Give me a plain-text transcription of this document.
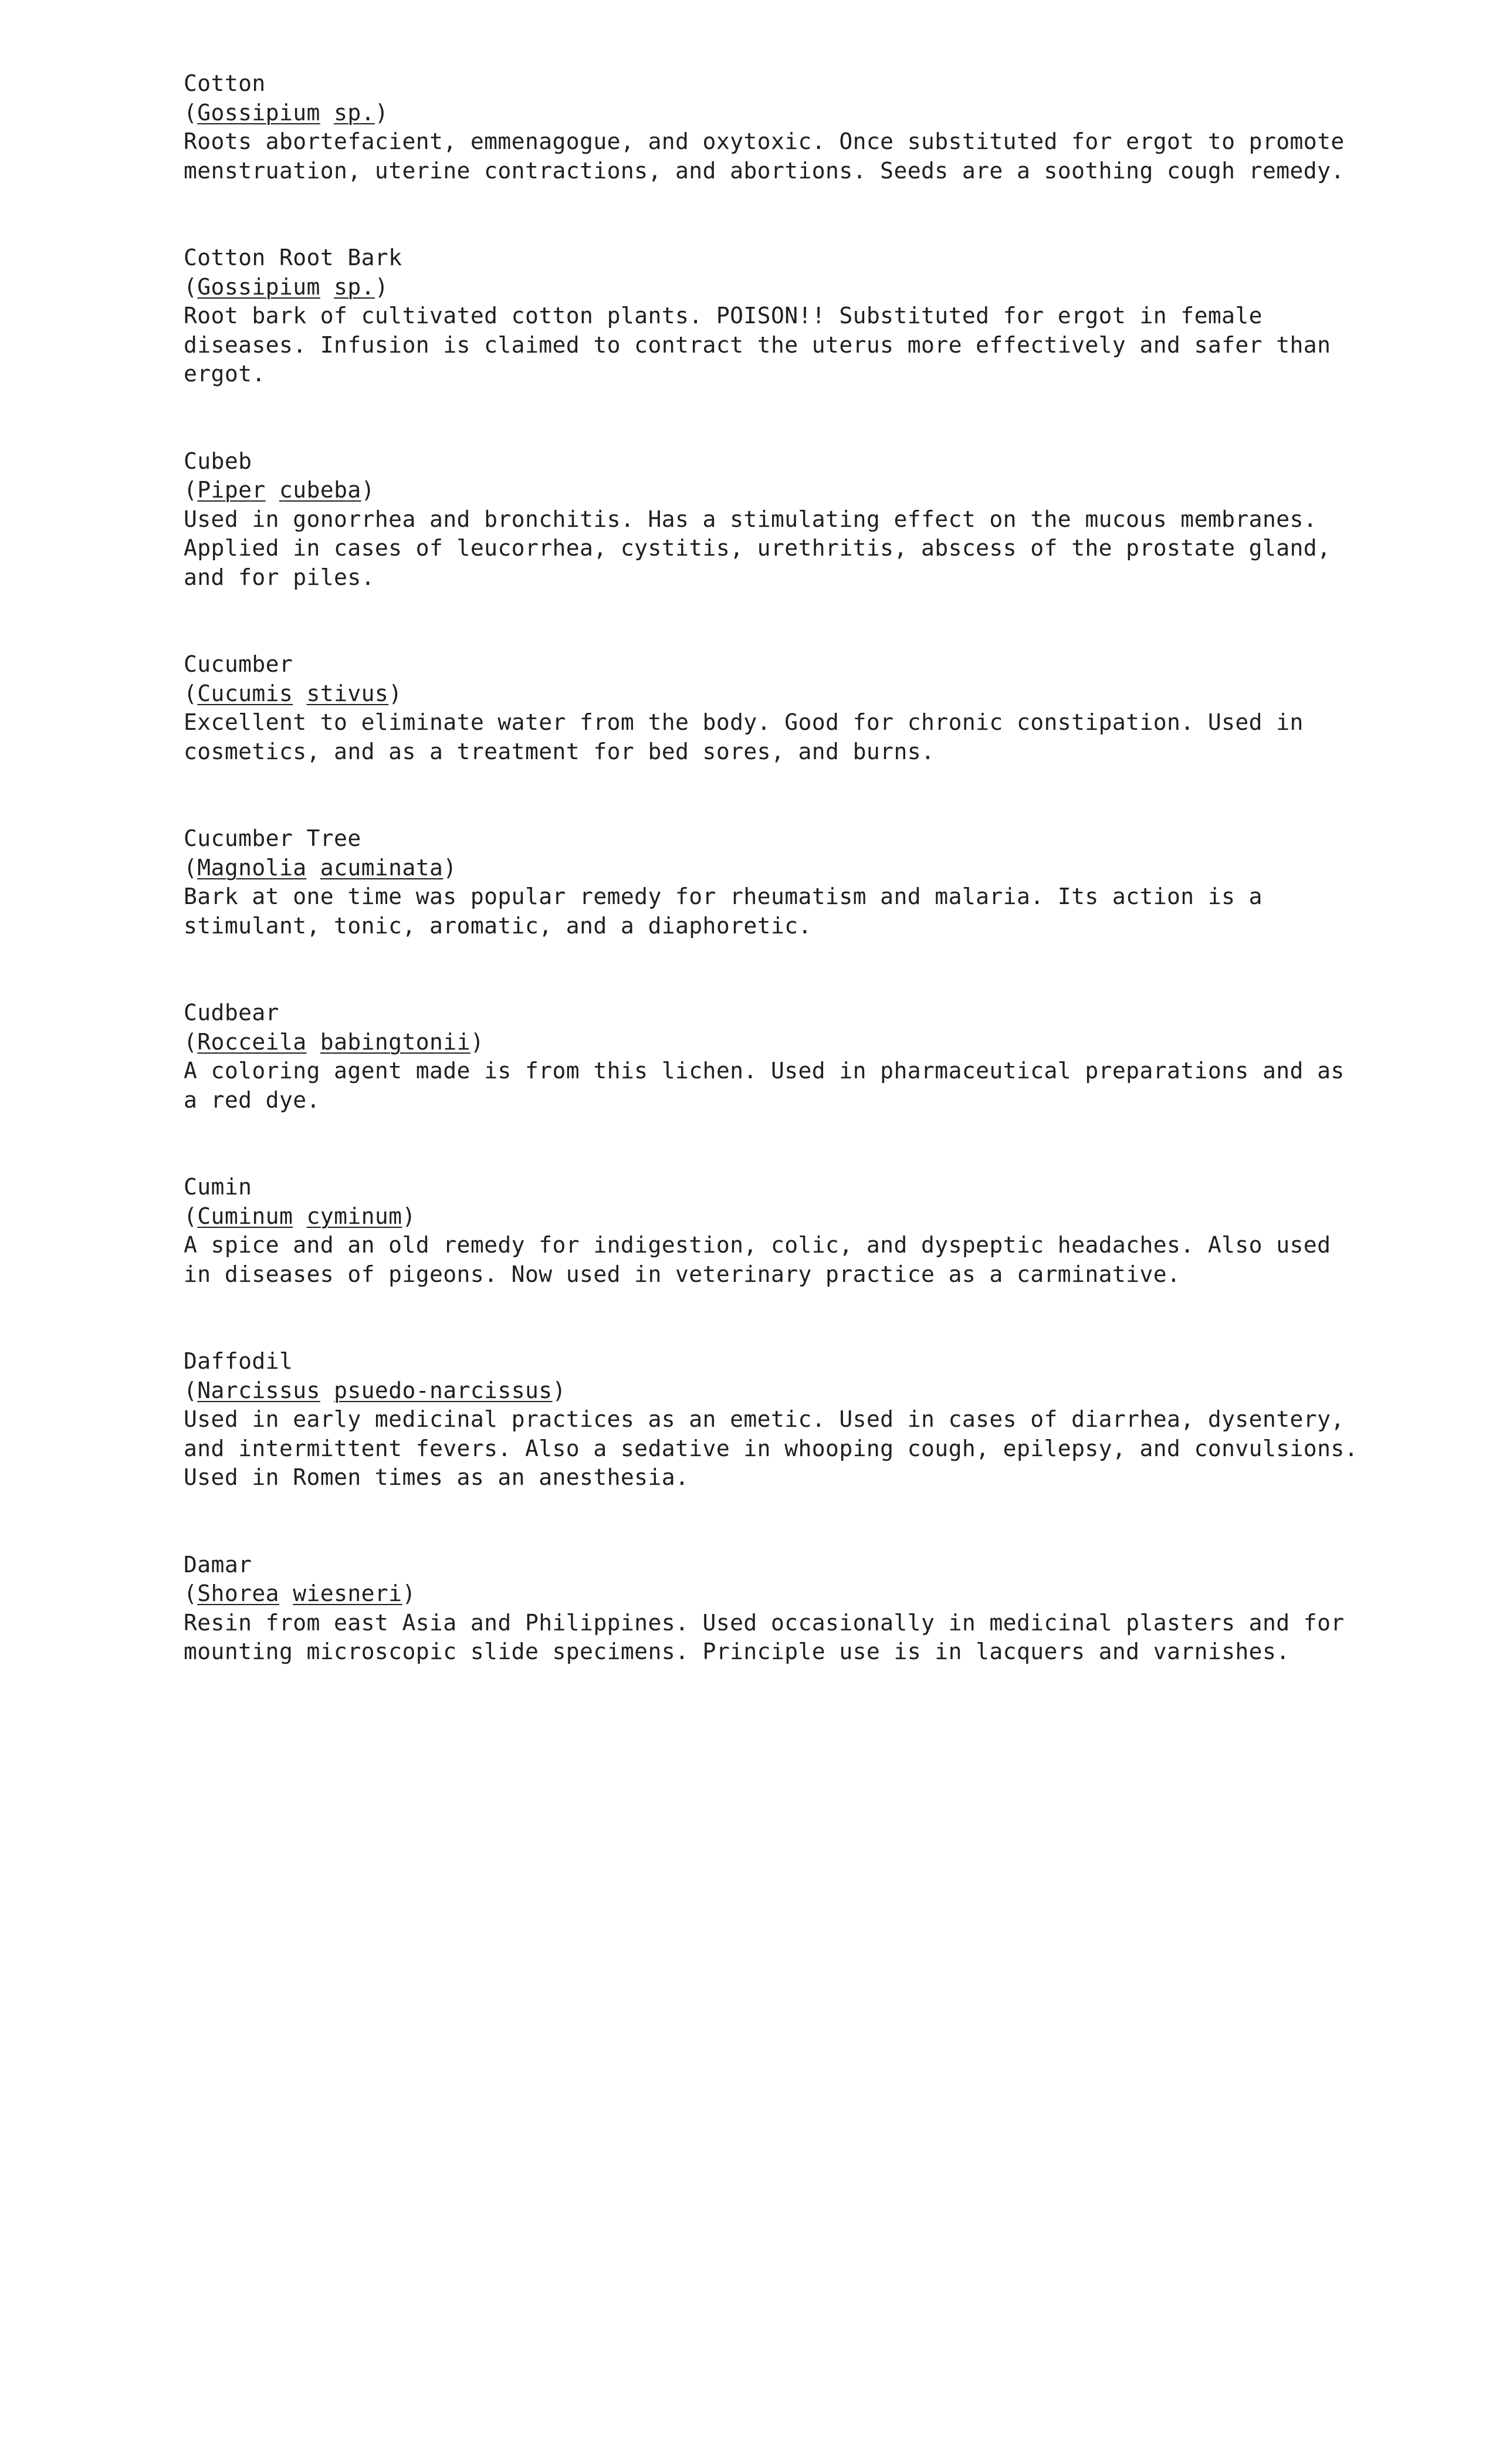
Cotton

(Gossipium sp.)

Roots abortefacient, emmenagogue, and oxytoxic. Once substituted for ergot to promote menstruation, uterine contractions, and abortions. Seeds are a soothing cough remedy.

Cotton Root Bark

(Gossipium sp.)

Root bark of cultivated cotton plants. POISON!! Substituted for ergot in female diseases. Infusion is claimed to contract the uterus more effectively and safer than ergot.

Cubeb

(Piper cubeba)

Used in gonorrhea and bronchitis. Has a stimulating effect on the mucous membranes. Applied in cases of leucorrhea, cystitis, urethritis, abscess of the prostate gland, and for piles.

Cucumber

(Cucumis stivus)

Excellent to eliminate water from the body. Good for chronic constipation. Used in cosmetics, and as a treatment for bed sores, and burns.

Cucumber Tree

(Magnolia acuminata)

Bark at one time was popular remedy for rheumatism and malaria. Its action is a stimulant, tonic, aromatic, and a diaphoretic.

Cudbear

(Rocceila babingtonii)

A coloring agent made is from this lichen. Used in pharmaceutical preparations and as a red dye.

Cumin

(Cuminum cyminum)

A spice and an old remedy for indigestion, colic, and dyspeptic headaches. Also used in diseases of pigeons. Now used in veterinary practice as a carminative.

Daffodil

(Narcissus psuedo-narcissus)

Used in early medicinal practices as an emetic. Used in cases of diarrhea, dysentery, and intermittent fevers. Also a sedative in whooping cough, epilepsy, and convulsions. Used in Romen times as an anesthesia.

Damar

(Shorea wiesneri)

Resin from east Asia and Philippines. Used occasionally in medicinal plasters and for mounting microscopic slide specimens. Principle use is in lacquers and varnishes.
